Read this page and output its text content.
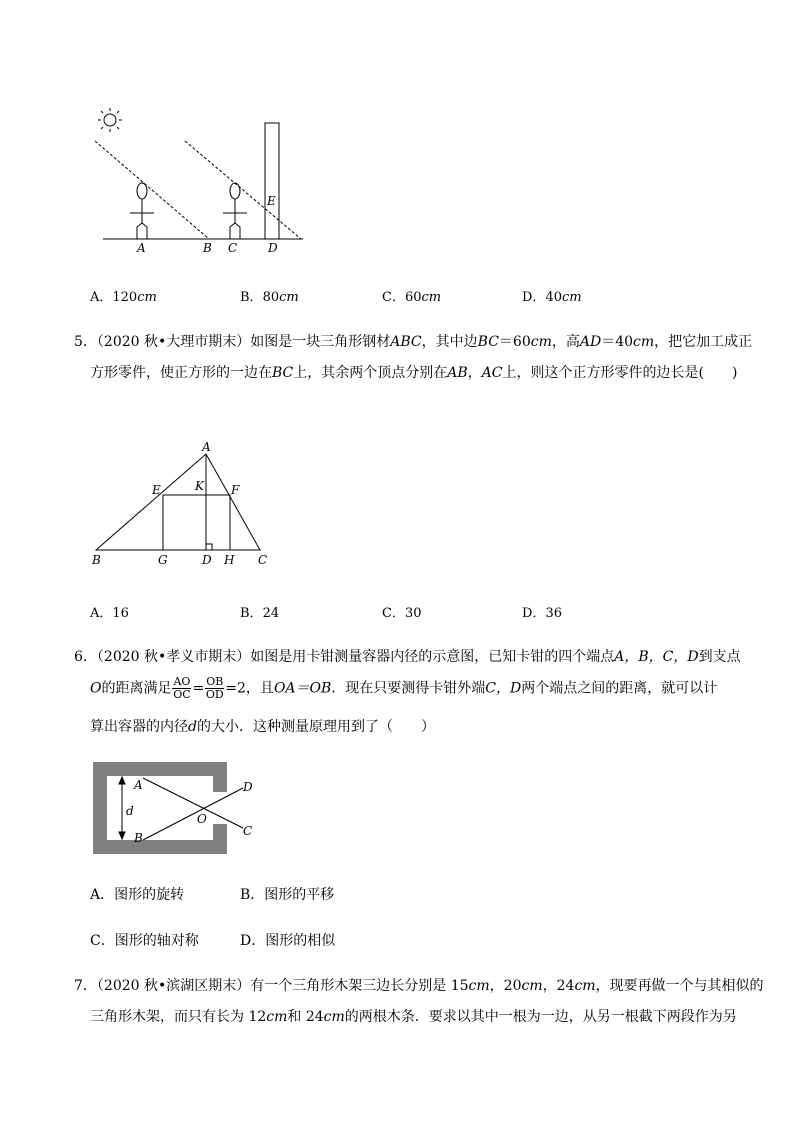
A	B C	D
E
A．120cm	B．80cm	C．60cm	D．40cm
5．（2020 秋•大理市期末）如图是一块三角形钢材ABC，其中边BC＝60cm，高AD＝40cm，把它加工成正
方形零件，使正方形的一边在BC上，其余两个顶点分别在AB，AC上，则这个正方形零件的边长是(　　)
A
B	C
D
E	F
G	H
K
A．16	B．24	C．30	D．36
6．（2020 秋•孝义市期末）如图是用卡钳测量容器内径的示意图，已知卡钳的四个端点A，B，C，D到支点
O的距离满足 $\frac{AO}{OC} = \frac{OB}{OD} =2$，且OA＝OB．现在只要测得卡钳外端C，D两个端点之间的距离，就可以计
算出容器的内径d的大小．这种测量原理用到了（　　）
A
B	C
D
O
d
A．图形的旋转	B．图形的平移
C．图形的轴对称	D．图形的相似
7．（2020 秋•滨湖区期末）有一个三角形木架三边长分别是 15cm，20cm，24cm，现要再做一个与其相似的
三角形木架，而只有长为 12cm和 24cm的两根木条．要求以其中一根为一边，从另一根截下两段作为另
